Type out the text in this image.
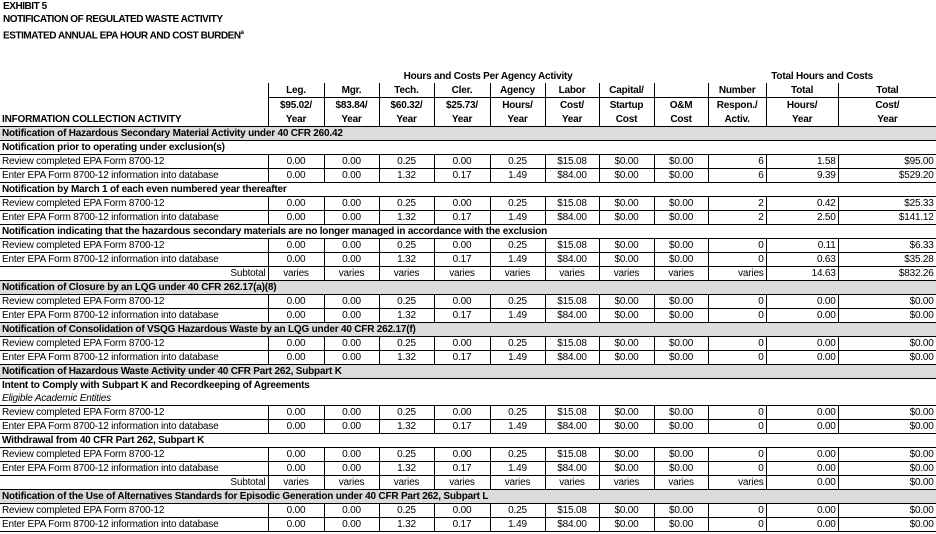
EXHIBIT 5
NOTIFICATION OF REGULATED WASTE ACTIVITY
ESTIMATED ANNUAL EPA HOUR AND COST BURDEN$^a$
	Hours and Costs Per Agency Activity								Total Hours and Costs		
	Leg.	Mgr.	Tech.	Cler.	Agency	Labor	Capital/		Number	Total	Total
	$95.02/	$83.84/	$60.32/	$25.73/	Hours/	Cost/	Startup	O&M	Respon./	Hours/	Cost/
INFORMATION COLLECTION ACTIVITY	Year	Year	Year	Year	Year	Year	Cost	Cost	Activ.	Year	Year
Notification of Hazardous Secondary Material Activity under 40 CFR 260.42											
Notification prior to operating under exclusion(s)											
Review completed EPA Form 8700-12	0.00	0.00	0.25	0.00	0.25	$15.08	$0.00	$0.00	6	1.58	$95.00
Enter EPA Form 8700-12 information into database	0.00	0.00	1.32	0.17	1.49	$84.00	$0.00	$0.00	6	9.39	$529.20
Notification by March 1 of each even numbered year thereafter											
Review completed EPA Form 8700-12	0.00	0.00	0.25	0.00	0.25	$15.08	$0.00	$0.00	2	0.42	$25.33
Enter EPA Form 8700-12 information into database	0.00	0.00	1.32	0.17	1.49	$84.00	$0.00	$0.00	2	2.50	$141.12
Notification indicating that the hazardous secondary materials are no longer managed in accordance with the exclusion											
Review completed EPA Form 8700-12	0.00	0.00	0.25	0.00	0.25	$15.08	$0.00	$0.00	0	0.11	$6.33
Enter EPA Form 8700-12 information into database	0.00	0.00	1.32	0.17	1.49	$84.00	$0.00	$0.00	0	0.63	$35.28
Subtotal	varies	varies	varies	varies	varies	varies	varies	varies	varies	14.63	$832.26
Notification of Closure by an LQG under 40 CFR 262.17(a)(8)											
Review completed EPA Form 8700-12	0.00	0.00	0.25	0.00	0.25	$15.08	$0.00	$0.00	0	0.00	$0.00
Enter EPA Form 8700-12 information into database	0.00	0.00	1.32	0.17	1.49	$84.00	$0.00	$0.00	0	0.00	$0.00
Notification of Consolidation of VSQG Hazardous Waste by an LQG under 40 CFR 262.17(f)											
Review completed EPA Form 8700-12	0.00	0.00	0.25	0.00	0.25	$15.08	$0.00	$0.00	0	0.00	$0.00
Enter EPA Form 8700-12 information into database	0.00	0.00	1.32	0.17	1.49	$84.00	$0.00	$0.00	0	0.00	$0.00
Notification of Hazardous Waste Activity under 40 CFR Part 262, Subpart K											
Intent to Comply with Subpart K and Recordkeeping of Agreements											
Eligible Academic Entities											
Review completed EPA Form 8700-12	0.00	0.00	0.25	0.00	0.25	$15.08	$0.00	$0.00	0	0.00	$0.00
Enter EPA Form 8700-12 information into database	0.00	0.00	1.32	0.17	1.49	$84.00	$0.00	$0.00	0	0.00	$0.00
Withdrawal from 40 CFR Part 262, Subpart K											
Review completed EPA Form 8700-12	0.00	0.00	0.25	0.00	0.25	$15.08	$0.00	$0.00	0	0.00	$0.00
Enter EPA Form 8700-12 information into database	0.00	0.00	1.32	0.17	1.49	$84.00	$0.00	$0.00	0	0.00	$0.00
Subtotal	varies	varies	varies	varies	varies	varies	varies	varies	varies	0.00	$0.00
Notification of the Use of Alternatives Standards for Episodic Generation under 40 CFR Part 262, Subpart L											
Review completed EPA Form 8700-12	0.00	0.00	0.25	0.00	0.25	$15.08	$0.00	$0.00	0	0.00	$0.00
Enter EPA Form 8700-12 information into database	0.00	0.00	1.32	0.17	1.49	$84.00	$0.00	$0.00	0	0.00	$0.00
